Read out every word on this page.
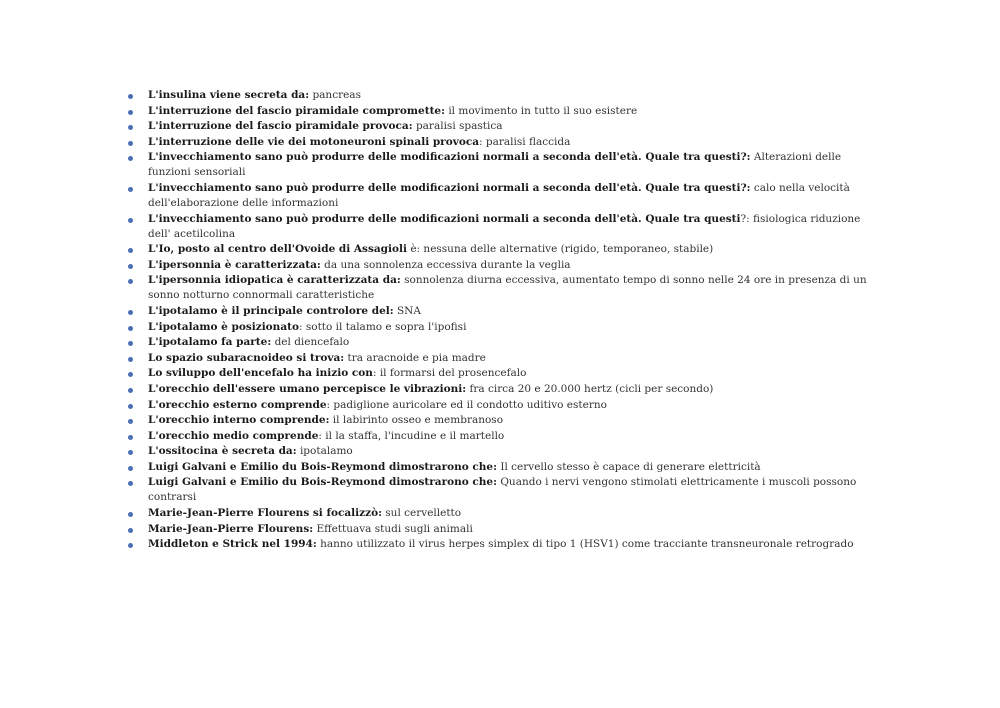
L'insulina viene secreta da: pancreas
L'interruzione del fascio piramidale compromette: il movimento in tutto il suo esistere
L'interruzione del fascio piramidale provoca: paralisi spastica
L'interruzione delle vie dei motoneuroni spinali provoca: paralisi flaccida
L'invecchiamento sano può produrre delle modificazioni normali a seconda dell'età. Quale tra questi?: Alterazioni delle funzioni sensoriali
L'invecchiamento sano può produrre delle modificazioni normali a seconda dell'età. Quale tra questi?: calo nella velocità dell'elaborazione delle informazioni
L'invecchiamento sano può produrre delle modificazioni normali a seconda dell'età. Quale tra questi?: fisiologica riduzione dell' acetilcolina
L'Io, posto al centro dell'Ovoide di Assagioli è: nessuna delle alternative (rigido, temporaneo, stabile)
L'ipersonnia è caratterizzata: da una sonnolenza eccessiva durante la veglia
L'ipersonnia idiopatica è caratterizzata da: sonnolenza diurna eccessiva, aumentato tempo di sonno nelle 24 ore in presenza di un sonno notturno connormali caratteristiche
L'ipotalamo è il principale controlore del: SNA
L'ipotalamo è posizionato: sotto il talamo e sopra l'ipofisi
L'ipotalamo fa parte: del diencefalo
Lo spazio subaracnoideo si trova: tra aracnoide e pia madre
Lo sviluppo dell'encefalo ha inizio con: il formarsi del prosencefalo
L'orecchio dell'essere umano percepisce le vibrazioni: fra circa 20 e 20.000 hertz (cicli per secondo)
L'orecchio esterno comprende: padiglione auricolare ed il condotto uditivo esterno
L'orecchio interno comprende: il labirinto osseo e membranoso
L'orecchio medio comprende: il la staffa, l'incudine e il martello
L'ossitocina è secreta da: ipotalamo
Luigi Galvani e Emilio du Bois-Reymond dimostrarono che: Il cervello stesso è capace di generare elettricità
Luigi Galvani e Emilio du Bois-Reymond dimostrarono che: Quando i nervi vengono stimolati elettricamente i muscoli possono contrarsi
Marie-Jean-Pierre Flourens si focalizzò: sul cervelletto
Marie-Jean-Pierre Flourens: Effettuava studi sugli animali
Middleton e Strick nel 1994: hanno utilizzato il virus herpes simplex di tipo 1 (HSV1) come tracciante transneuronale retrogrado
